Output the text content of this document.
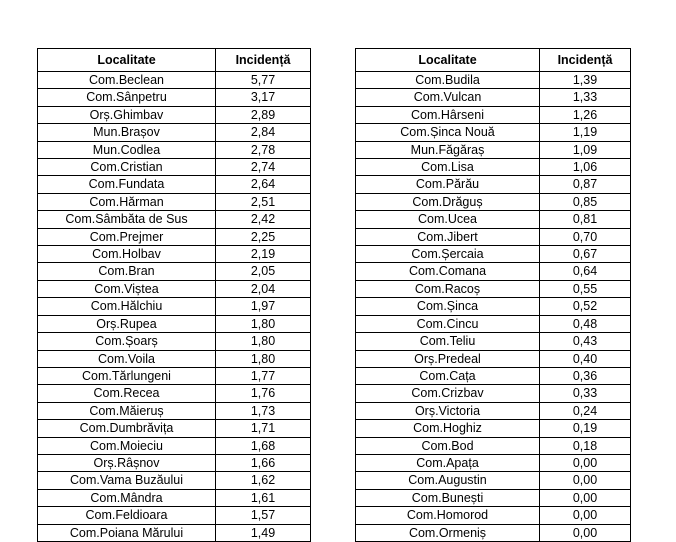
Localitate	Incidență
Com.Beclean	5,77
Com.Sânpetru	3,17
Orș.Ghimbav	2,89
Mun.Brașov	2,84
Mun.Codlea	2,78
Com.Cristian	2,74
Com.Fundata	2,64
Com.Hărman	2,51
Com.Sâmbăta de Sus	2,42
Com.Prejmer	2,25
Com.Holbav	2,19
Com.Bran	2,05
Com.Viștea	2,04
Com.Hălchiu	1,97
Orș.Rupea	1,80
Com.Șoarș	1,80
Com.Voila	1,80
Com.Tărlungeni	1,77
Com.Recea	1,76
Com.Măieruș	1,73
Com.Dumbrăvița	1,71
Com.Moieciu	1,68
Orș.Râșnov	1,66
Com.Vama Buzăului	1,62
Com.Mândra	1,61
Com.Feldioara	1,57
Com.Poiana Mărului	1,49
Localitate	Incidență
Com.Budila	1,39
Com.Vulcan	1,33
Com.Hârseni	1,26
Com.Șinca Nouă	1,19
Mun.Făgăraș	1,09
Com.Lisa	1,06
Com.Părău	0,87
Com.Drăguș	0,85
Com.Ucea	0,81
Com.Jibert	0,70
Com.Șercaia	0,67
Com.Comana	0,64
Com.Racoș	0,55
Com.Șinca	0,52
Com.Cincu	0,48
Com.Teliu	0,43
Orș.Predeal	0,40
Com.Cața	0,36
Com.Crizbav	0,33
Orș.Victoria	0,24
Com.Hoghiz	0,19
Com.Bod	0,18
Com.Apața	0,00
Com.Augustin	0,00
Com.Bunești	0,00
Com.Homorod	0,00
Com.Ormeniș	0,00
